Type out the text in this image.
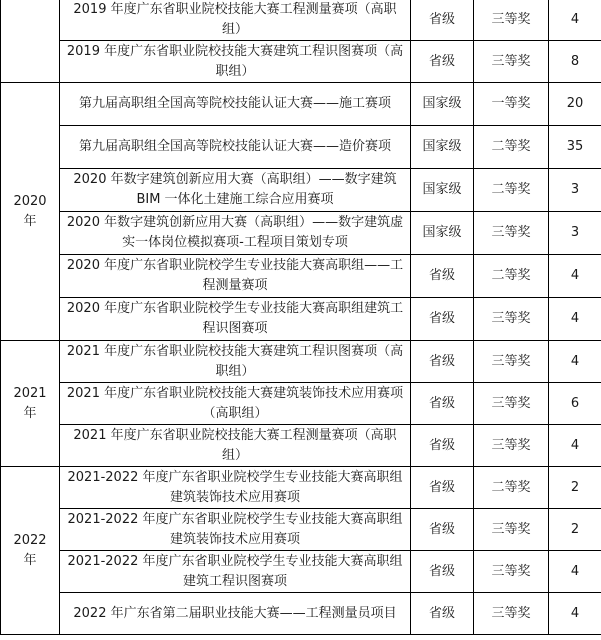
	2019 年度广东省职业院校技能大赛工程测量赛项（高职组）	省级	三等奖	4
	2019 年度广东省职业院校技能大赛建筑工程识图赛项（高职组）	省级	三等奖	8
2020 年	第九届高职组全国高等院校技能认证大赛——施工赛项	国家级	一等奖	20
	第九届高职组全国高等院校技能认证大赛——造价赛项	国家级	二等奖	35
	2020 年数字建筑创新应用大赛（高职组）——数字建筑 BIM 一体化土建施工综合应用赛项	国家级	二等奖	3
	2020 年数字建筑创新应用大赛（高职组）——数字建筑虚实一体岗位模拟赛项-工程项目策划专项	国家级	三等奖	3
	2020 年度广东省职业院校学生专业技能大赛高职组——工程测量赛项	省级	二等奖	4
	2020 年度广东省职业院校学生专业技能大赛高职组建筑工程识图赛项	省级	三等奖	4
2021 年	2021 年度广东省职业院校技能大赛建筑工程识图赛项（高职组）	省级	三等奖	4
	2021 年度广东省职业院校技能大赛建筑装饰技术应用赛项（高职组）	省级	三等奖	6
	2021 年度广东省职业院校技能大赛工程测量赛项（高职组）	省级	三等奖	4
2022 年	2021-2022 年度广东省职业院校学生专业技能大赛高职组建筑装饰技术应用赛项	省级	二等奖	2
	2021-2022 年度广东省职业院校学生专业技能大赛高职组建筑装饰技术应用赛项	省级	三等奖	2
	2021-2022 年度广东省职业院校学生专业技能大赛高职组建筑工程识图赛项	省级	三等奖	4
	2022 年广东省第二届职业技能大赛——工程测量员项目	省级	三等奖	4
